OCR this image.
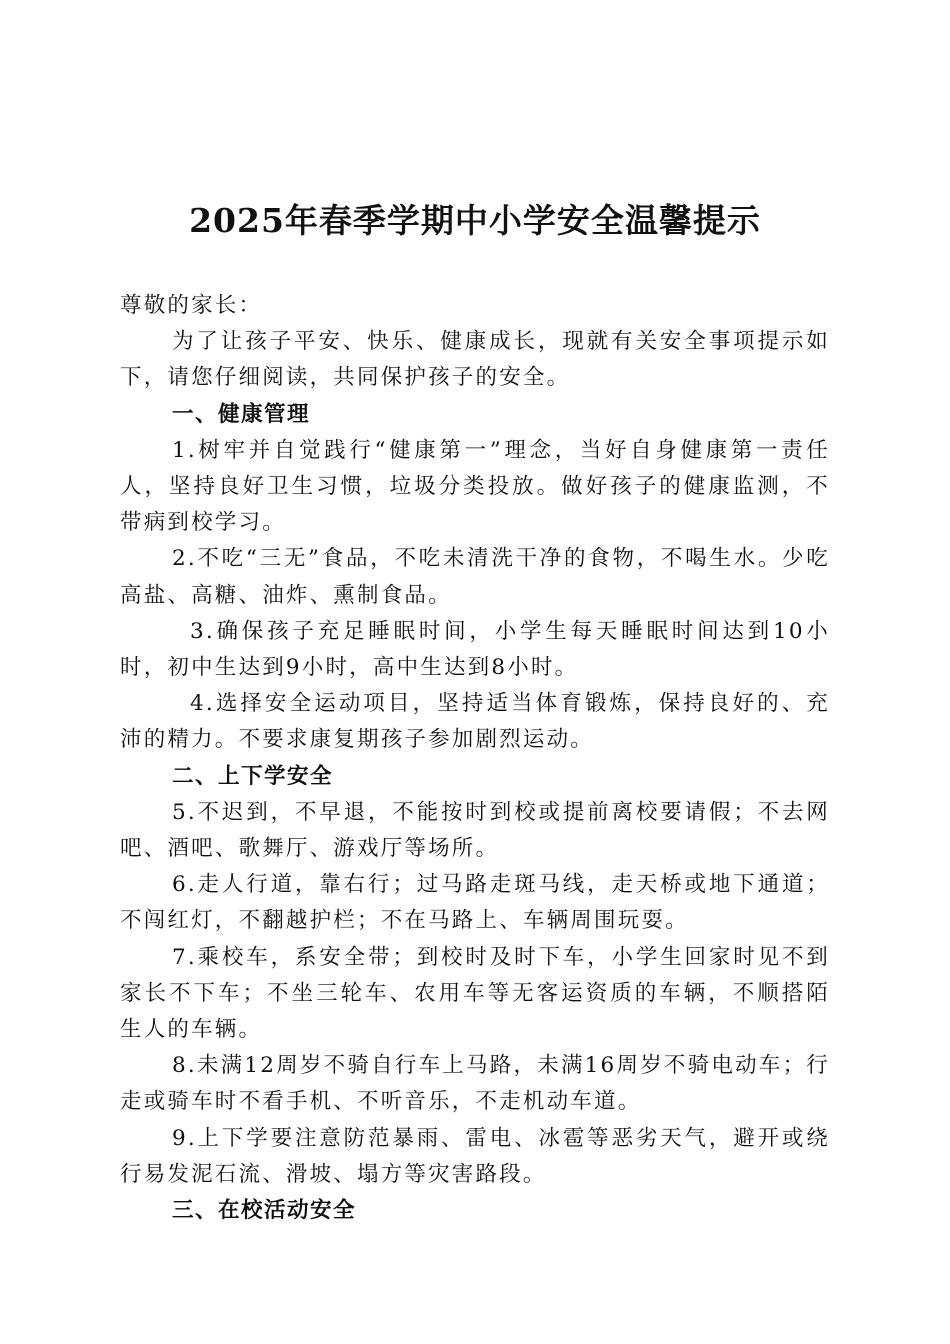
2025年春季学期中小学安全温馨提示

尊敬的家长：

为了让孩子平安、快乐、健康成长，现就有关安全事项提示如下，请您仔细阅读，共同保护孩子的安全。

一、健康管理

1.树牢并自觉践行“健康第一”理念，当好自身健康第一责任人，坚持良好卫生习惯，垃圾分类投放。做好孩子的健康监测，不带病到校学习。

2.不吃“三无”食品，不吃未清洗干净的食物，不喝生水。少吃高盐、高糖、油炸、熏制食品。

3.确保孩子充足睡眠时间，小学生每天睡眠时间达到10小时，初中生达到9小时，高中生达到8小时。

4.选择安全运动项目，坚持适当体育锻炼，保持良好的、充沛的精力。不要求康复期孩子参加剧烈运动。

二、上下学安全

5.不迟到，不早退，不能按时到校或提前离校要请假；不去网吧、酒吧、歌舞厅、游戏厅等场所。

6.走人行道，靠右行；过马路走斑马线，走天桥或地下通道；不闯红灯，不翻越护栏；不在马路上、车辆周围玩耍。

7.乘校车，系安全带；到校时及时下车，小学生回家时见不到家长不下车；不坐三轮车、农用车等无客运资质的车辆，不顺搭陌生人的车辆。

8.未满12周岁不骑自行车上马路，未满16周岁不骑电动车；行走或骑车时不看手机、不听音乐，不走机动车道。

9.上下学要注意防范暴雨、雷电、冰雹等恶劣天气，避开或绕行易发泥石流、滑坡、塌方等灾害路段。

三、在校活动安全
